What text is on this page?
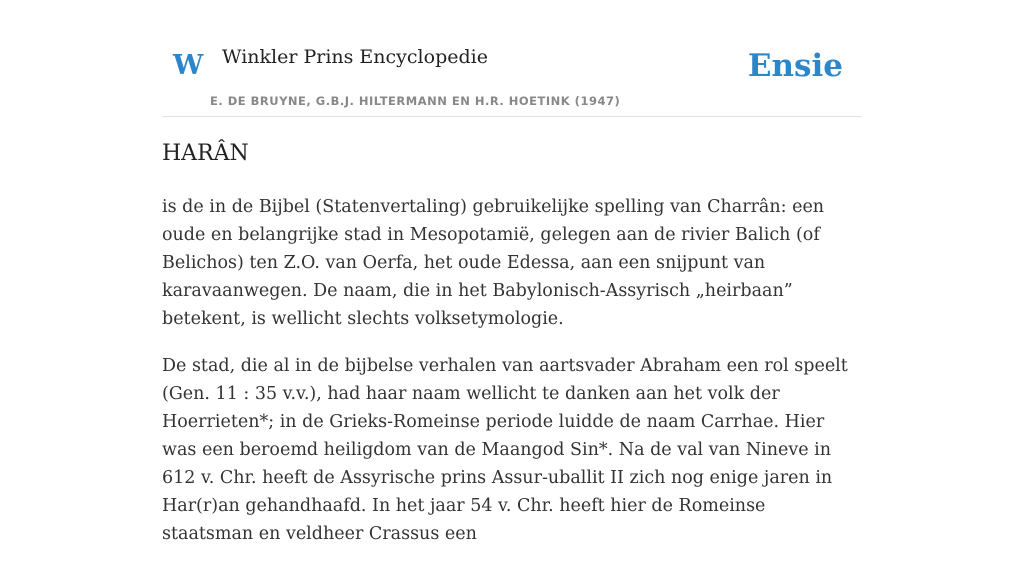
W Winkler Prins Encyclopedie	Ensie
E. DE BRUYNE, G.B.J. HILTERMANN EN H.R. HOETINK (1947)
HARÂN

is de in de Bijbel (Statenvertaling) gebruikelijke spelling van Charrân: een oude en belangrijke stad in Mesopotamië, gelegen aan de rivier Balich (of Belichos) ten Z.O. van Oerfa, het oude Edessa, aan een snijpunt van karavaanwegen. De naam, die in het Babylonisch-Assyrisch „heirbaan” betekent, is wellicht slechts volksetymologie.

De stad, die al in de bijbelse verhalen van aartsvader Abraham een rol speelt (Gen. 11 : 35 v.v.), had haar naam wellicht te danken aan het volk der Hoerrieten*; in de Grieks-Romeinse periode luidde de naam Carrhae. Hier was een beroemd heiligdom van de Maangod Sin*. Na de val van Nineve in 612 v. Chr. heeft de Assyrische prins Assur-uballit II zich nog enige jaren in Har(r)an gehandhaafd. In het jaar 54 v. Chr. heeft hier de Romeinse staatsman en veldheer Crassus een
